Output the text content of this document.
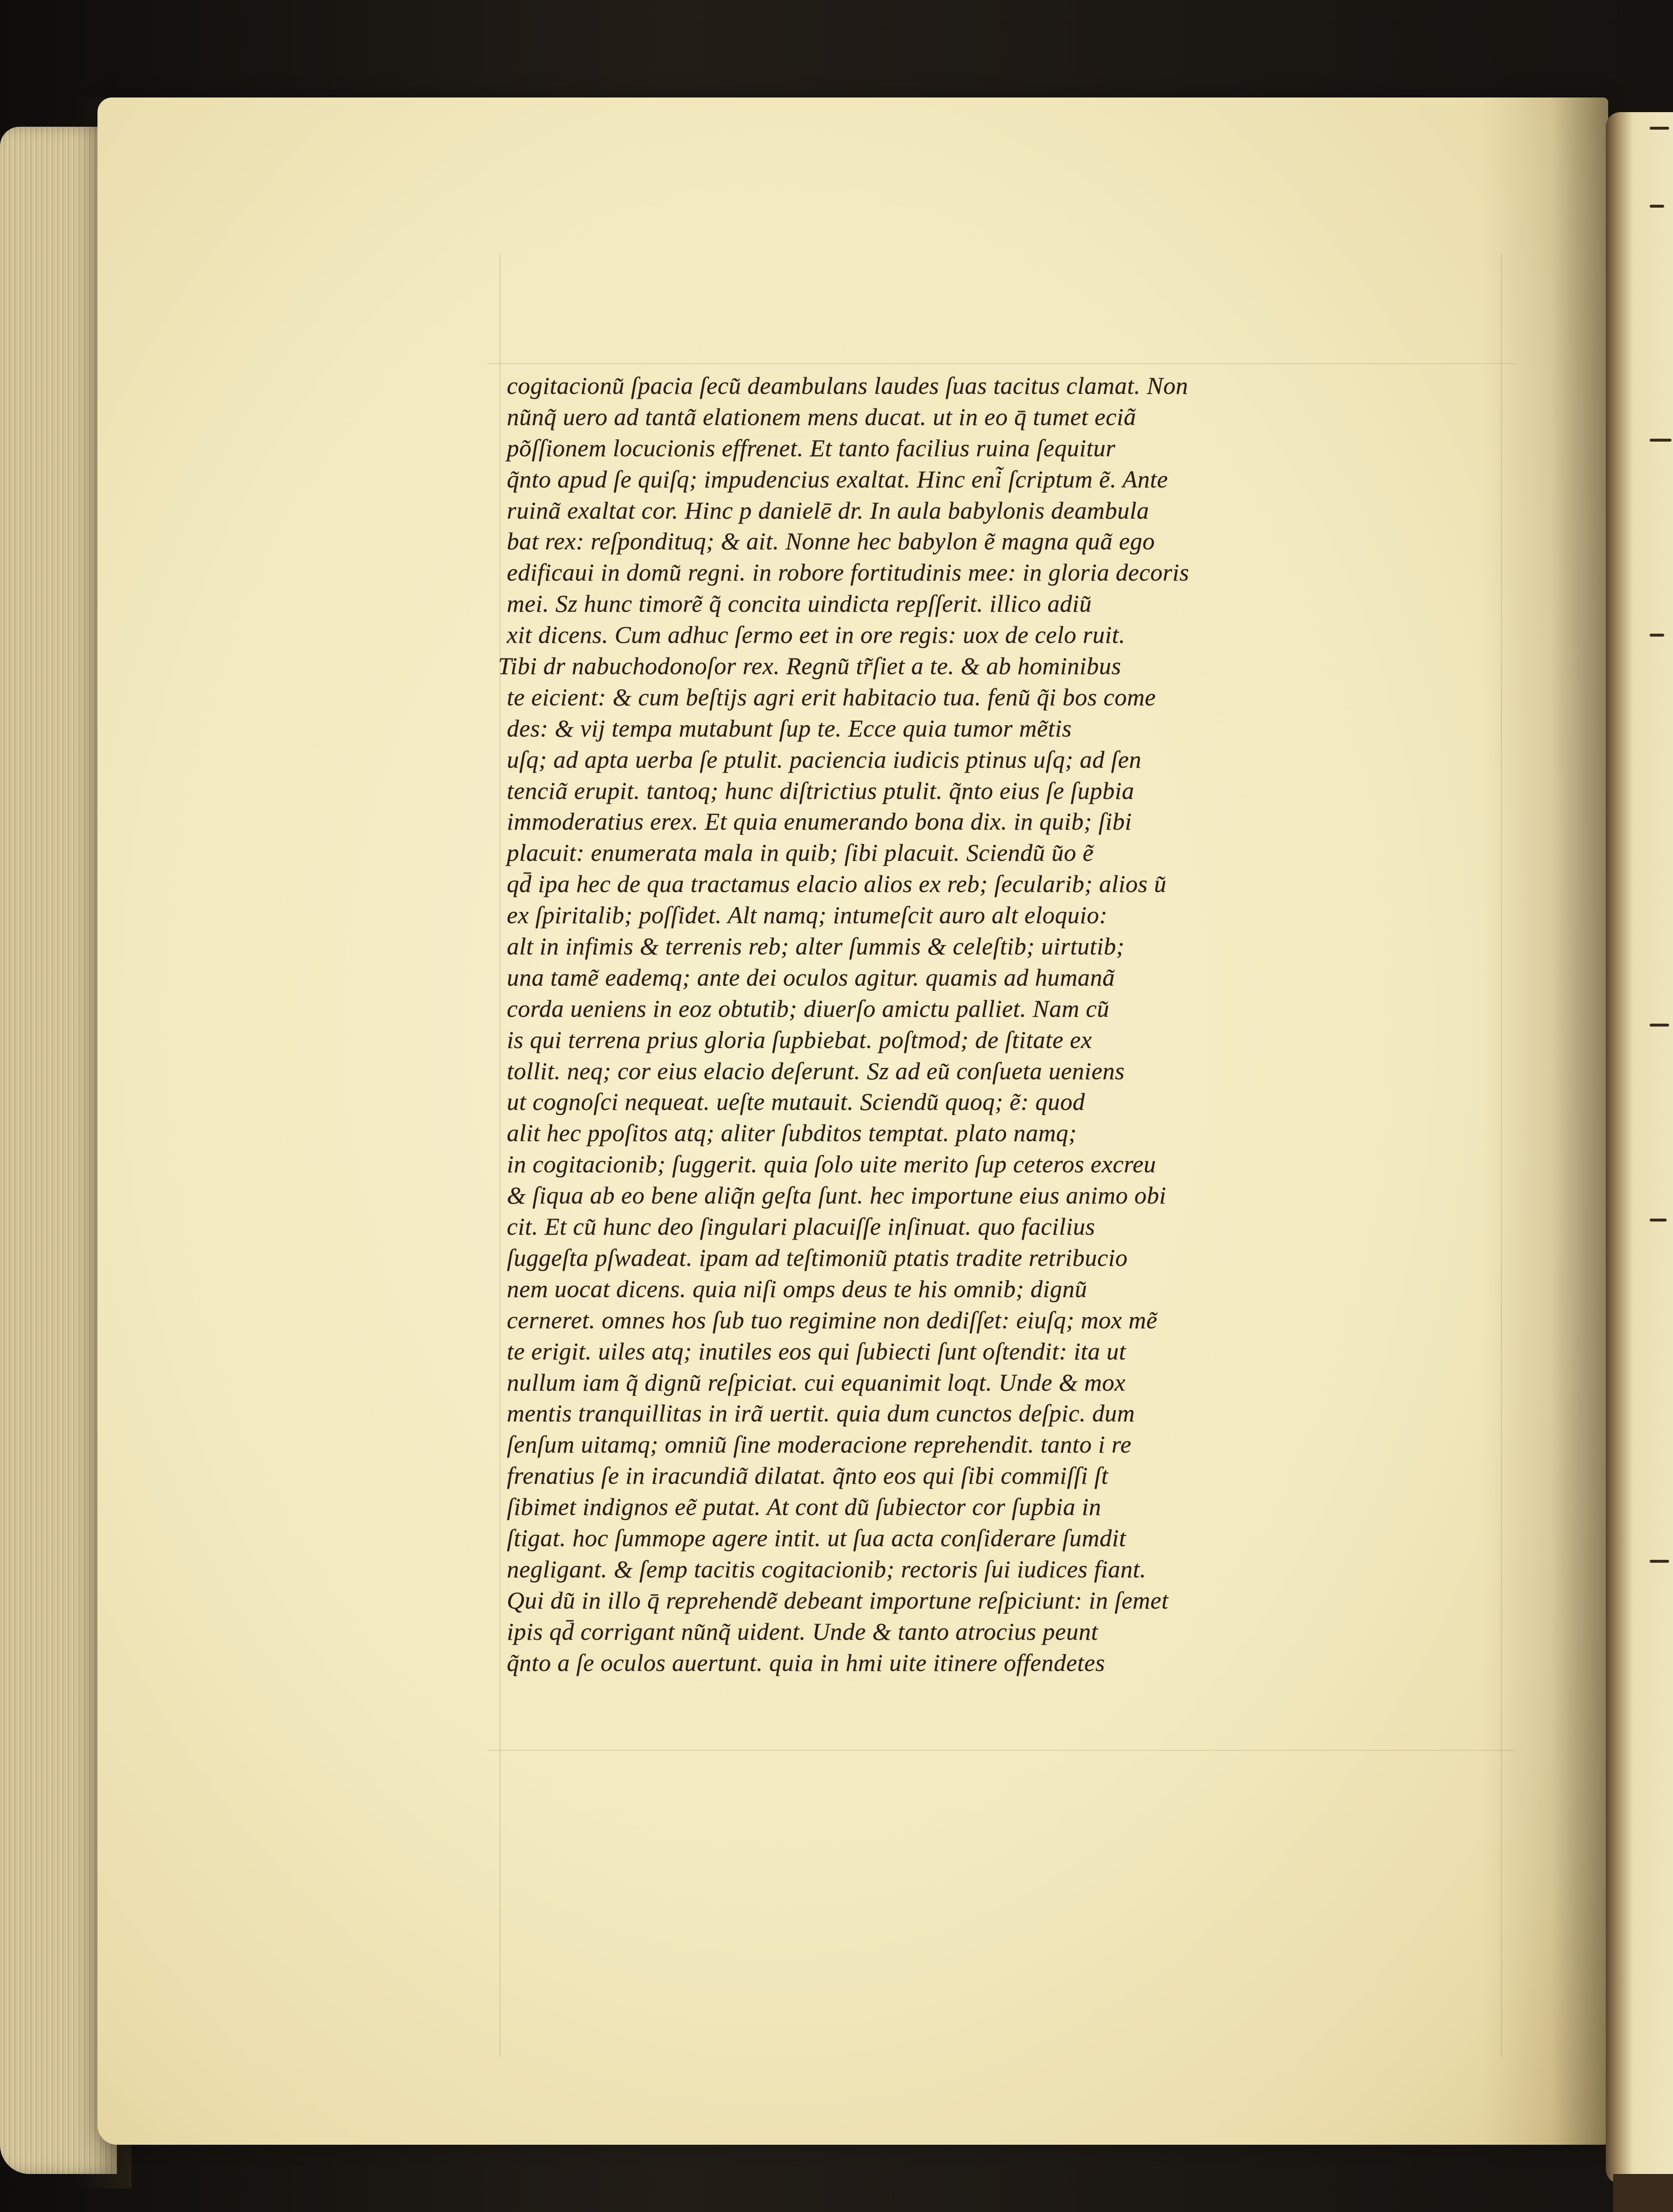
cogitacionu͂ ſpacia ſecu͂ deambulans laudes ſuas tacitus clamat. Non
nu͂nq̃ uero ad tanta͂ elationem mens ducat. ut in eo q̄ tumet eciã
po͂ſſionem locucionis effrenet. Et tanto facilius ruina ſequitur
q̃nto apud ſe quiſq; impudencius exaltat. Hinc eni͂ ſcriptum e͂. Ante
ruina͂ exaltat cor. Hinc p danielē dr. In aula babylonis deambula
bat rex: reſpondituq; & ait. Nonne hec babylon e͂ magna qua͂ ego
edificaui in domu͂ regni. in robore fortitudinis mee: in gloria decoris
mei. Sz hunc timore͂ q͂ concita uindicta repſſerit. illico adiu͂
xit dicens. Cum adhuc ſermo eet in ore regis: uox de celo ruit.
Tibi dr nabuchodonoſor rex. Regnu͂ tr͂ſiet a te. & ab hominibus
te eicient: & cum beſtijs agri erit habitacio tua. fenu͂ q̃i bos come
des: & vij tempa mutabunt ſup te. Ecce quia tumor me͂tis
uſq; ad apta uerba ſe ptulit. paciencia iudicis ptinus uſq; ad ſen
tencia͂ erupit. tantoq; hunc diſtrictius ptulit. q̃nto eius ſe ſupbia
immoderatius erex. Et quia enumerando bona dix. in quib; ſibi
placuit: enumerata mala in quib; ſibi placuit. Sciendu͂ u͂o e͂
qd̄ ipa hec de qua tractamus elacio alios ex reb; ſecularib; alios u͂
ex ſpiritalib; poſſidet. Alt namq; intumeſcit auro alt eloquio:
alt in infimis & terrenis reb; alter ſummis & celeſtib; uirtutib;
una tame͂ eademq; ante dei oculos agitur. quamis ad humana͂
corda ueniens in eoz obtutib; diuerſo amictu palliet. Nam cu͂
is qui terrena prius gloria ſupbiebat. poſtmod; de ſtitate ex
tollit. neq; cor eius elacio deſerunt. Sz ad eu͂ conſueta ueniens
ut cognoſci nequeat. ueſte mutauit. Sciendu͂ quoq; e͂: quod
alit hec ppoſitos atq; aliter ſubditos temptat. plato namq;
in cogitacionib; ſuggerit. quia ſolo uite merito ſup ceteros excreu
& ſiqua ab eo bene aliq̃n geſta ſunt. hec importune eius animo obi
cit. Et cu͂ hunc deo ſingulari placuiſſe inſinuat. quo facilius
ſuggeſta pſwadeat. ipam ad teſtimoniu͂ ptatis tradite retribucio
nem uocat dicens. quia niſi omps deus te his omnib; dignu͂
cerneret. omnes hos ſub tuo regimine non dediſſet: eiuſq; mox me͂
te erigit. uiles atq; inutiles eos qui ſubiecti ſunt oſtendit: ita ut
nullum iam q͂ dignu͂ reſpiciat. cui equanimit loqt. Unde & mox
mentis tranquillitas in ira͂ uertit. quia dum cunctos deſpic. dum
ſenſum uitamq; omniu͂ ſine moderacione reprehendit. tanto i re
frenatius ſe in iracundia͂ dilatat. q̃nto eos qui ſibi commiſſi ſt
ſibimet indignos ee͂ putat. At cont du͂ ſubiector cor ſupbia in
ſtigat. hoc ſummope agere intit. ut ſua acta conſiderare ſumdit
negligant. & ſemp tacitis cogitacionib; rectoris ſui iudices fiant.
Qui du͂ in illo q̄ reprehende͂ debeant importune reſpiciunt: in ſemet
ipis qd̄ corrigant nu͂nq̃ uident. Unde & tanto atrocius peunt
q̃nto a ſe oculos auertunt. quia in hmi uite itinere offendetes
